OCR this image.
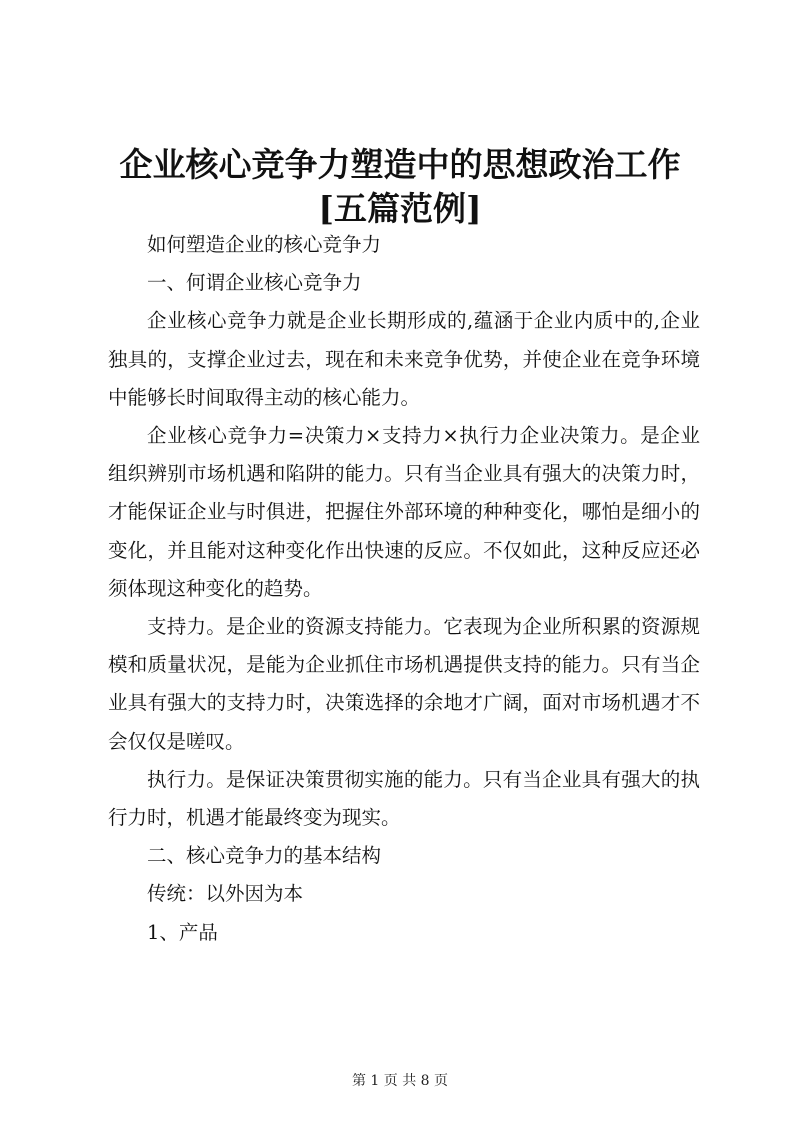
企业核心竞争力塑造中的思想政治工作[五篇范例]

如何塑造企业的核心竞争力

一、何谓企业核心竞争力

企业核心竞争力就是企业长期形成的,蕴涵于企业内质中的,企业独具的，支撑企业过去，现在和未来竞争优势，并使企业在竞争环境中能够长时间取得主动的核心能力。

企业核心竞争力=决策力×支持力×执行力企业决策力。是企业组织辨别市场机遇和陷阱的能力。只有当企业具有强大的决策力时，才能保证企业与时俱进，把握住外部环境的种种变化，哪怕是细小的变化，并且能对这种变化作出快速的反应。不仅如此，这种反应还必须体现这种变化的趋势。

支持力。是企业的资源支持能力。它表现为企业所积累的资源规模和质量状况，是能为企业抓住市场机遇提供支持的能力。只有当企业具有强大的支持力时，决策选择的余地才广阔，面对市场机遇才不会仅仅是嗟叹。

执行力。是保证决策贯彻实施的能力。只有当企业具有强大的执行力时，机遇才能最终变为现实。

二、核心竞争力的基本结构

传统：以外因为本

1、产品

第 1 页 共 8 页
